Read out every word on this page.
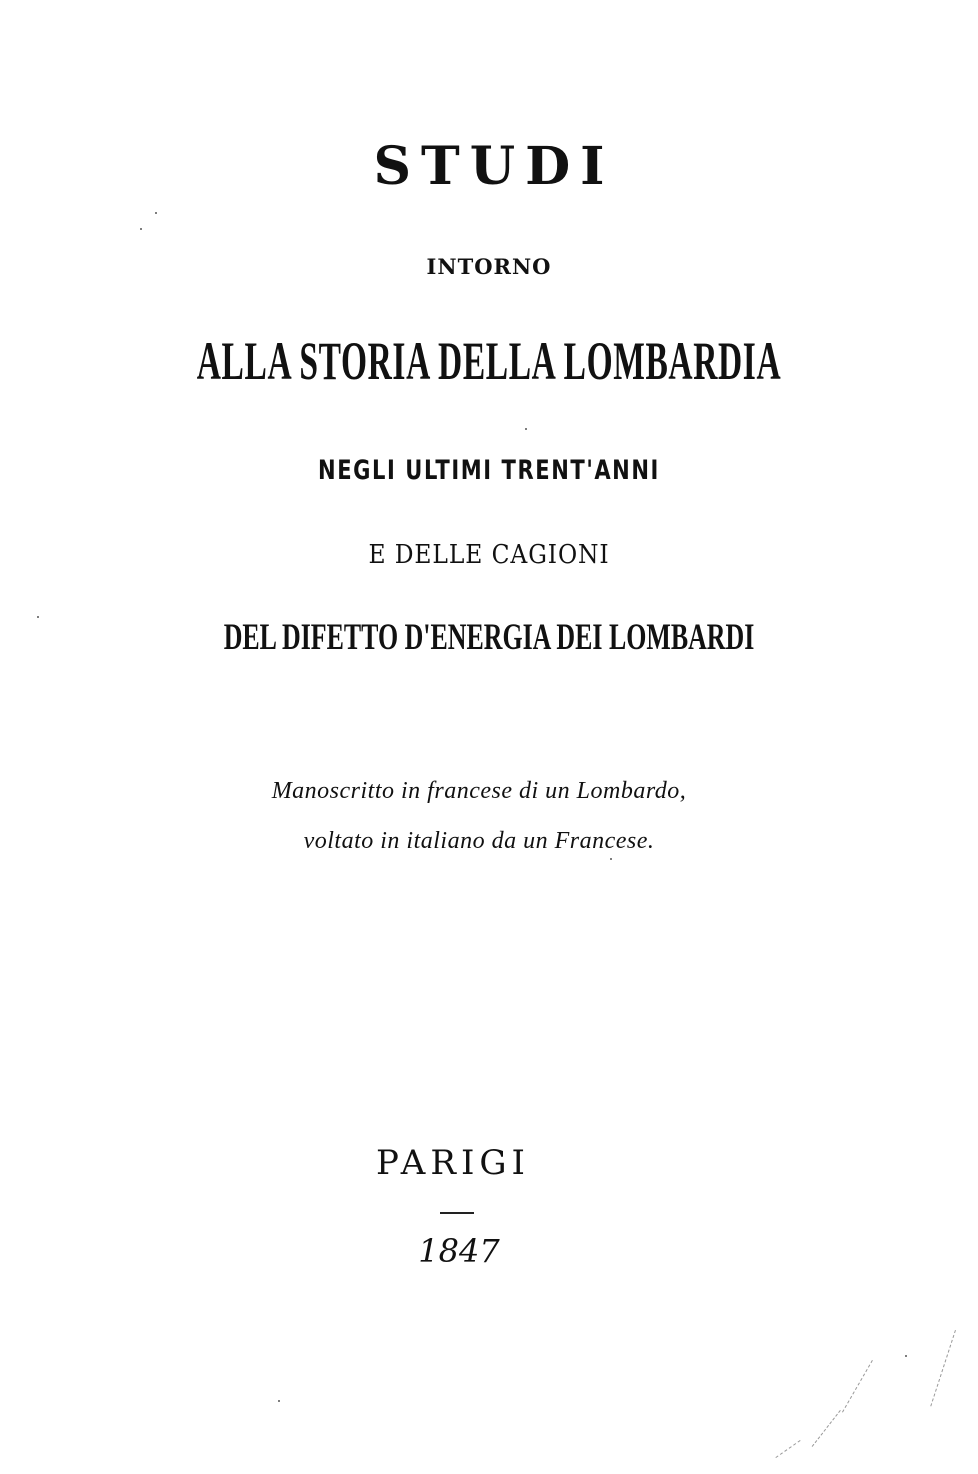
STUDI
INTORNO
ALLA STORIA DELLA LOMBARDIA
NEGLI ULTIMI TRENT'ANNI
E DELLE CAGIONI
DEL DIFETTO D'ENERGIA DEI LOMBARDI
Manoscritto in francese di un Lombardo,
voltato in italiano da un Francese.
PARIGI
1847
